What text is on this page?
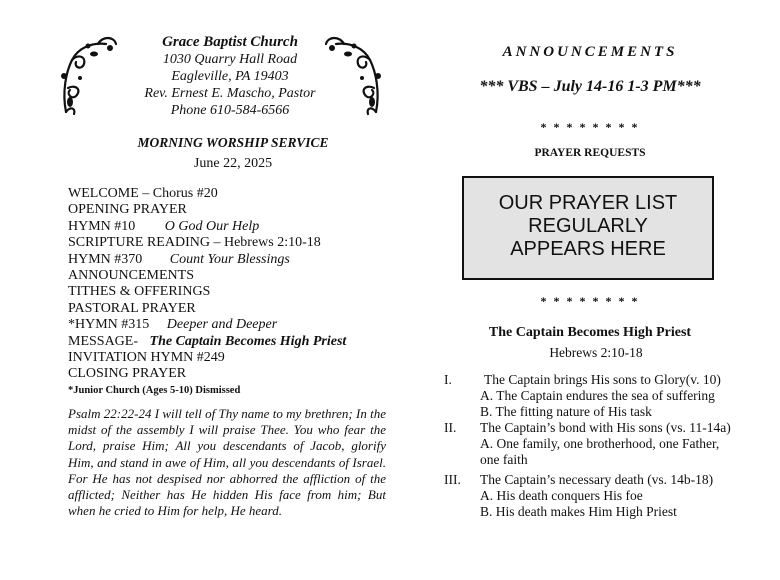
Grace Baptist Church
1030 Quarry Hall Road
Eagleville, PA 19403
Rev. Ernest E. Mascho, Pastor
Phone 610-584-6566
MORNING WORSHIP SERVICE
June 22, 2025
WELCOME – Chorus #20
OPENING PRAYER
HYMN #10 O God Our Help
SCRIPTURE READING – Hebrews 2:10-18
HYMN #370 Count Your Blessings
ANNOUNCEMENTS
TITHES & OFFERINGS
PASTORAL PRAYER
*HYMN #315 Deeper and Deeper
MESSAGE- The Captain Becomes High Priest
INVITATION HYMN #249
CLOSING PRAYER
*Junior Church (Ages 5-10) Dismissed
Psalm 22:22-24 I will tell of Thy name to my brethren; In the midst of the assembly I will praise Thee. You who fear the Lord, praise Him; All you descendants of Jacob, glorify Him, and stand in awe of Him, all you descendants of Israel. For He has not despised nor abhorred the affliction of the afflicted; Neither has He hidden His face from him; But when he cried to Him for help, He heard.
ANNOUNCEMENTS
*** VBS – July 14-16 1-3 PM***
* * * * * * * *
PRAYER REQUESTS
OUR PRAYER LIST
REGULARLY
APPEARS HERE
* * * * * * * *
The Captain Becomes High Priest
Hebrews 2:10-18
I.	The Captain brings His sons to Glory(v. 10)
A. The Captain endures the sea of suffering
B. The fitting nature of His task
II.	The Captain’s bond with His sons (vs. 11-14a)
A. One family, one brotherhood, one Father,
one faith
III.	The Captain’s necessary death (vs. 14b-18)
A. His death conquers His foe
B. His death makes Him High Priest
